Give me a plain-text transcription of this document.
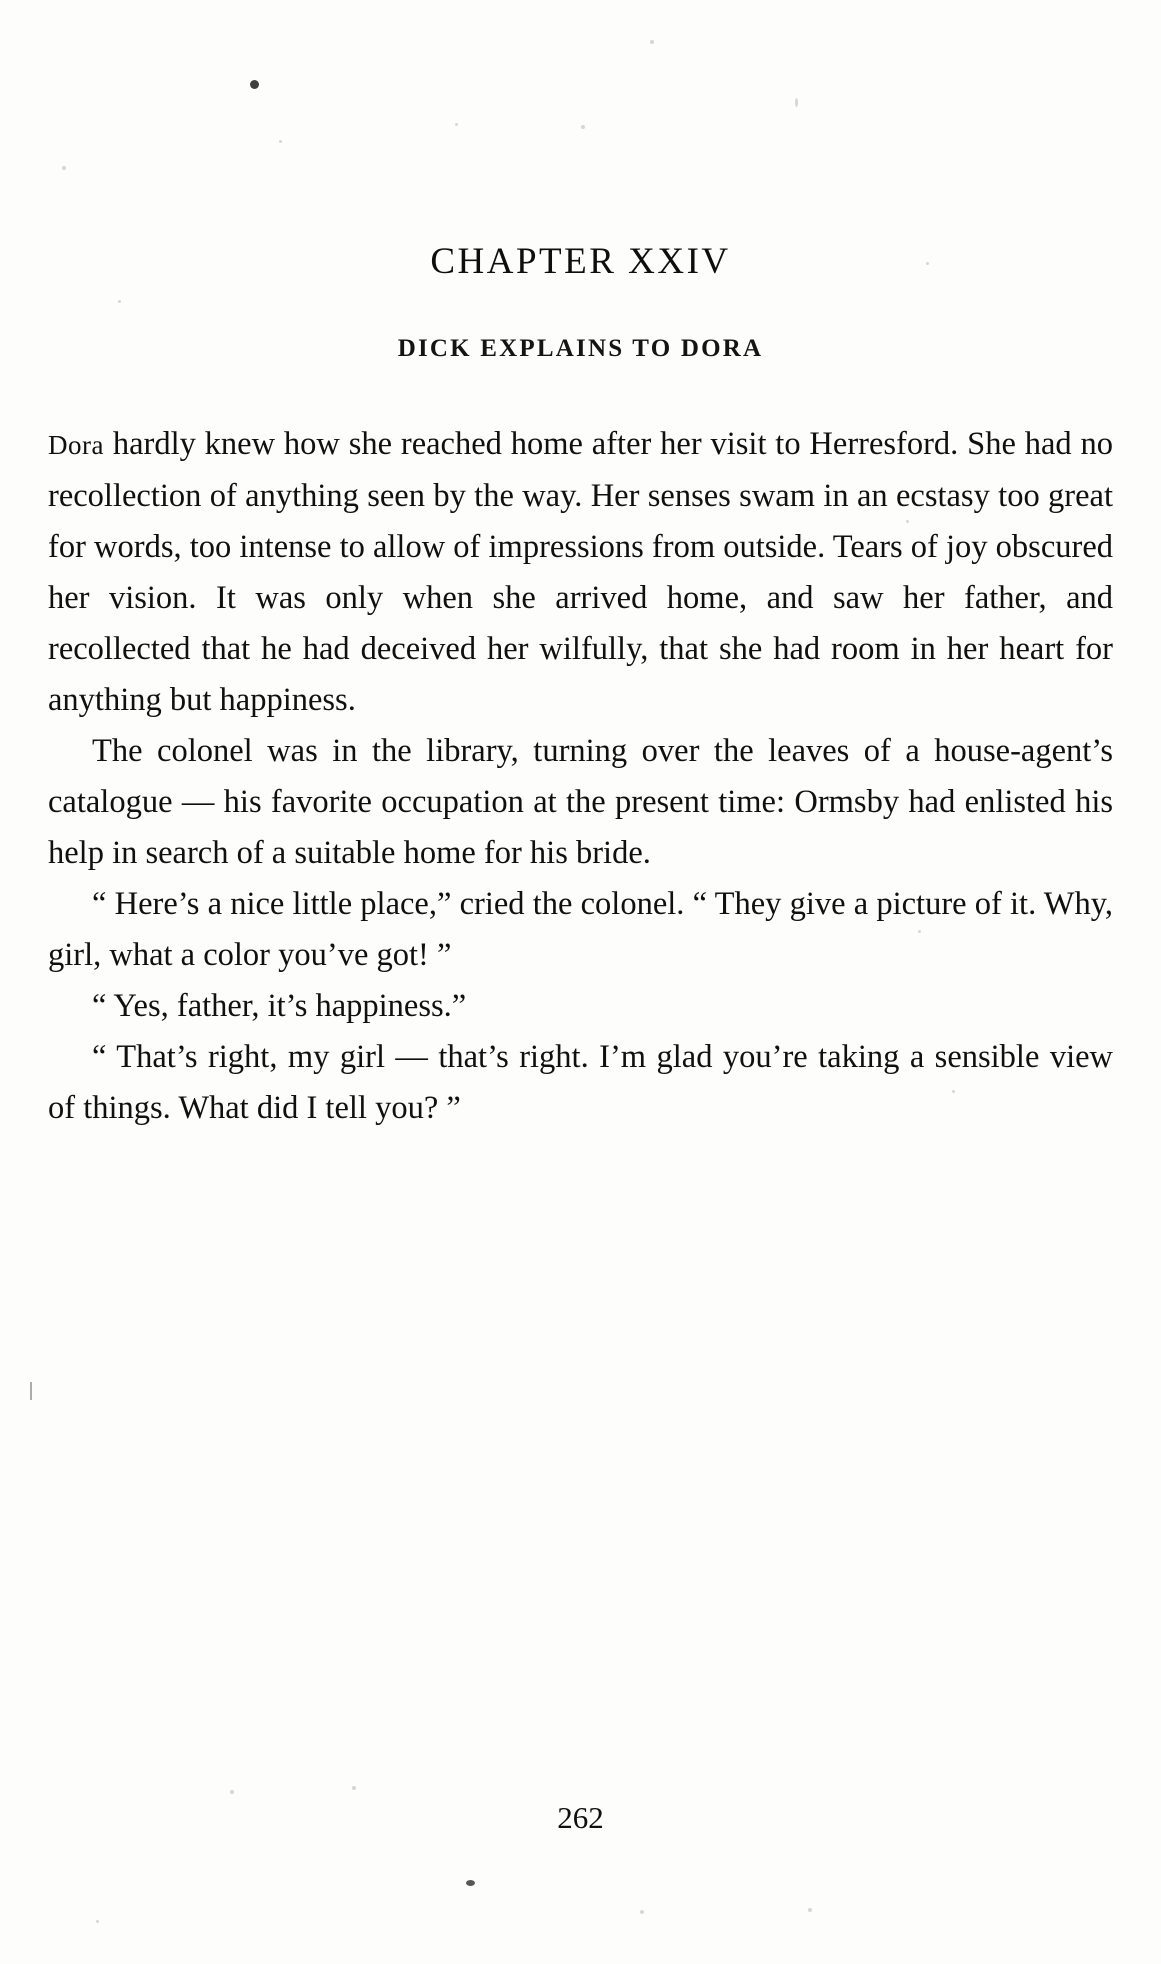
CHAPTER XXIV
DICK EXPLAINS TO DORA

Dora hardly knew how she reached home after her visit to Herresford. She had no recollection of anything seen by the way. Her senses swam in an ecstasy too great for words, too intense to allow of impressions from outside. Tears of joy obscured her vision. It was only when she arrived home, and saw her father, and recollected that he had deceived her wilfully, that she had room in her heart for anything but happiness.

The colonel was in the library, turning over the leaves of a house-agent’s catalogue — his favorite occupation at the present time: Ormsby had enlisted his help in search of a suitable home for his bride.

“ Here’s a nice little place,” cried the colonel. “ They give a picture of it. Why, girl, what a color you’ve got! ”

“ Yes, father, it’s happiness.”

“ That’s right, my girl — that’s right. I’m glad you’re taking a sensible view of things. What did I tell you? ”

262
